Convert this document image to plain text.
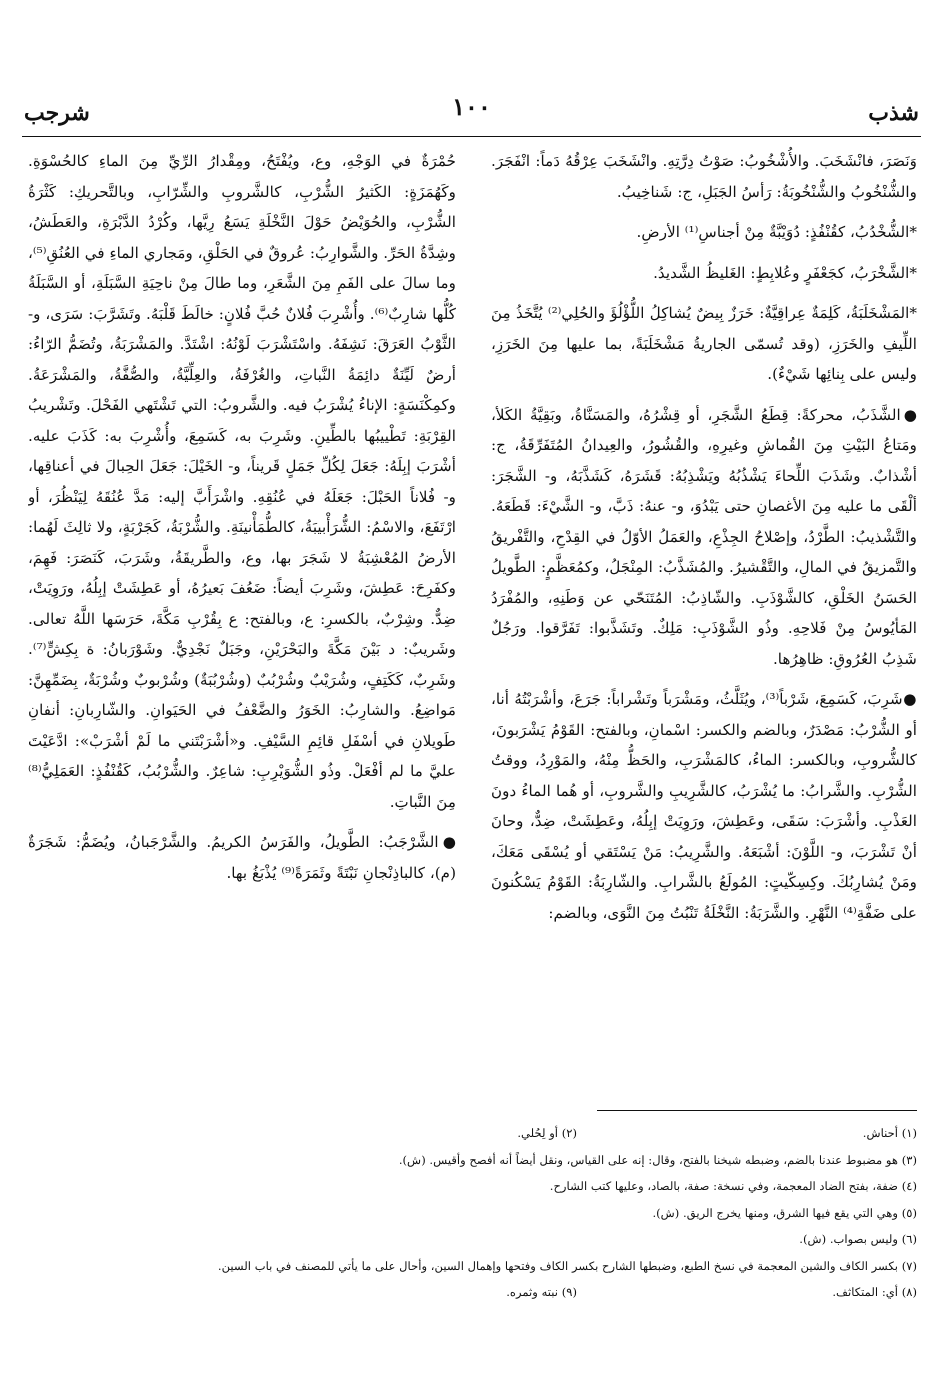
شذب
١٠٠
شرجب

وَنَصَرَ، فانْشَخَبَ. والأُشْخُوبُ: صَوْتُ دِرَّتِهِ. وانْشَخَبَ عِرْقُهُ دَماً: انْفَجَرَ. والشُّنْخُوبُ والشُّنْخُوبَةُ: رَأسُ الجَبَلِ، ج: شَناخِيبُ.

*الشُّخْدُبُ، كقُنْفُذٍ: دُوَيْبَّةٌ مِنْ أجناسِ⁽¹⁾ الأرضِ.

*الشَّخْرَبُ، كجَعْفَرٍ وعُلابِطٍ: الغَليظُ الشَّديدُ.

*المَشْخَلَبَةُ، كَلِمَةٌ عِراقِيَّةٌ: خَرَزٌ بِيضٌ يُشاكِلُ اللُّؤْلُؤَ والحُلِي⁽²⁾ يُتَّخَذُ مِنَ اللِّيفِ والخَرَزِ، (وقد تُسمّى الجاريةُ مَشْخَلَبَةً، بما عليها مِنَ الخَرَزِ، وليس على بِنائِها شَيْءٌ).

●الشَّذَبُ، محركةً: قِطَعُ الشَّجَرِ، أو قِشْرُهُ، والمَسَنَّاةُ، وبَقِيَّةُ الكَلأ، ومَتاعُ البَيْتِ مِنَ القُماشِ وغيرِهِ، والقُشُورُ، والعِيدانُ المُتَفَرِّقَةُ، ج: أشْذابٌ. وشَذَبَ اللِّحاءَ يَشْذُبُهُ ويَشْذِبُهُ: قَشَرَهُ، كَشَذَّبَهُ، و- الشَّجَرَ: ألْقَى ما عليه مِنَ الأغصانِ حتى يَبْدُوَ، و- عنهُ: ذَبَّ، و- الشَّيْءَ: قَطَعَهُ. والتَّشْذيبُ: الطَّرْدُ، وإصْلاحُ الجِذْعِ، والعَمَلُ الأوّلُ في القِدْحِ، والتَّفْريقُ والتَّمزيقُ في المالِ، والتَّقْشيرُ. والمُشَذَّبُ: المِنْجَلُ، وكمُعَظَّمٍ: الطَّويلُ الحَسَنُ الخَلْقِ، كالشَّوْذَبِ. والشّاذِبُ: المُتَنَحّي عن وَطَنِهِ، والمُفْرَدُ المَأيُوسُ مِنْ فَلاحِهِ. وذُو الشَّوْذَبِ: مَلِكٌ. وتَشَذَّبوا: تَفَرَّقوا. ورَجُلٌ شَذِبُ العُرُوقِ: ظاهِرُها.

●شَرِبَ، كَسَمِعَ، شَرْباً⁽³⁾، ويُثَلَّثُ، ومَشْرَباً وتَشْراباً: جَرَعَ، وأشْرَبْتُهُ أنا، أو الشُّرْبُ: مَصْدَرٌ، وبالضم والكسر: اسْمانِ، وبالفتح: القَوْمُ يَشْرَبونَ، كالشُّروبِ، وبالكسر: الماءُ، كالمَشْرَبِ، والحَظُّ مِنْهُ، والمَوْرِدُ، ووقتُ الشُّرْبِ. والشَّرابُ: ما يُشْرَبُ، كالشَّرِيبِ والشَّروبِ، أو هُما الماءُ دونَ العَذْبِ. وأشْرَبَ: سَقَى، وعَطِشَ، ورَوِيَتْ إبِلُهُ، وعَطِشَتْ، ضِدٌّ، وحانَ أنْ تَشْرَبَ، و- اللَّوْنَ: أشْبَعَهُ. والشَّرِيبُ: مَنْ يَسْتَقي أو يُسْقَى مَعَكَ، ومَنْ يُشارِبُكَ. وكِسِكّيتٍ: المُولَعُ بالشَّرابِ. والشّارِبَةُ: القَوْمُ يَسْكُنونَ على ضَفَّةِ⁽⁴⁾ النَّهْرِ. والشَّرَبَةُ: النَّخْلَةُ تَنْبُتُ مِنَ النَّوَى، وبالضم:

حُمْرَةٌ في الوَجْهِ، وع، ويُفْتَحُ، ومِقْدارُ الرِّيِّ مِنَ الماءِ كالحُسْوَةِ. وكَهُمَزَةٍ: الكَثيرُ الشُّرْبِ، كالشَّروبِ والشِّرّابِ، وبالتَّحريكِ: كَثْرَةُ الشُّرْبِ، والحُوَيْضُ حَوْلَ النَّخْلَةِ يَسَعُ رِيَّها، وكُرْدُ الدَّبْرَةِ، والعَطَشُ، وشِدَّةُ الحَرِّ. والشَّوارِبُ: عُروقٌ في الحَلْقِ، ومَجاري الماءِ في العُنُقِ⁽⁵⁾، وما سالَ على الفَمِ مِنَ الشَّعَرِ، وما طالَ مِنْ ناحِيَةِ السَّبَلَةِ، أو السَّبَلَةُ كُلُّها شارِبٌ⁽⁶⁾. وأُشْرِبَ فُلانٌ حُبَّ فُلانٍ: خالَطَ قَلْبَهُ. وتَشَرَّبَ: سَرَى، و- الثَّوْبُ العَرَقَ: نَشِفَهُ. واسْتَشْرَبَ لَوْنُهُ: اشْتَدَّ. والمَشْرَبَةُ، وتُضَمُّ الرّاءُ: أرضٌ لَيِّنَةٌ دائِمَةُ النَّباتِ، والغُرْفَةُ، والعِلِّيَّةُ، والصُّفَّةُ، والمَشْرَعَةُ. وكمِكْنَسَةٍ: الإناءُ يُشْرَبُ فيه. والشَّروبُ: التي تَشْتَهي الفَحْلَ. وتَشْريبُ القِرْبَةِ: تَطْييبُها بالطِّينِ. وشَرِبَ به، كَسَمِعَ، وأُشْرِبَ به: كَذَبَ عليه. أشْرَبَ إبِلَهُ: جَعَلَ لِكُلِّ جَمَلٍ قَريناً، و- الخَيْلَ: جَعَلَ الحِبالَ في أعناقِها، و- فُلاناً الحَبْلَ: جَعَلَهُ في عُنُقِهِ. واشْرَأَبَّ إليه: مَدَّ عُنُقَهُ لِيَنْظُرَ، أو ارْتَفَعَ، والاسْمُ: الشُّرَأْبيبَةُ، كالطُّمَأْنينَةِ. والشُّرْبَةُ، كَجَرْبَةٍ، ولا ثالِثَ لَهُما: الأرضُ المُعْشِبَةُ لا شَجَرَ بها، وع، والطَّريقَةُ، وشَرَبَ، كَنَصَرَ: فَهِمَ، وكفَرِحَ: عَطِشَ، وشَرِبَ أيضاً: ضَعُفَ بَعيرُهُ، أو عَطِشَتْ إبِلُهُ، ورَوِيَتْ، ضِدٌّ. وشِرْبٌ، بالكسرِ: ع، وبالفتح: ع بِقُرْبِ مَكَّةَ، حَرَسَها اللَّهُ تعالى. وشَريبٌ: د بَيْنَ مَكَّةَ والبَحْرَيْنِ، وجَبَلٌ نَجْدِيٌّ. وشَوْرَبانُ: ة بِكِشٍّ⁽⁷⁾. وشَرِبٌ، كَكَتِفٍ، وشُرَيْبٌ وشُرْبُبٌ (وشُرْبُبَةٌ) وشُرْبوبٌ وشُرْبَةٌ، بِضَمِّهِنَّ: مَواضِعُ. والشارِبُ: الخَوَرُ والضَّعْفُ في الحَيَوانِ. والشّارِبانِ: أنفانِ طَويلانِ في أسْفَلِ قائِمِ السَّيْفِ. و«أشْرَبْتَني ما لَمْ أشْرَبْ»: ادَّعَيْتَ عليَّ ما لم أفْعَلْ. وذُو الشُّوَيْرِبِ: شاعِرٌ. والشُّرْبُبُ، كَقُنْفُذٍ: العَمَلِيُّ⁽⁸⁾ مِنَ النَّباتِ.

●الشَّرْجَبُ: الطَّويلُ، والفَرَسُ الكريمُ. والشَّرْجَبانُ، ويُضَمُّ: شَجَرَةٌ (م)، كالباذِنْجانِ نَبْتَةً وثَمَرَةً⁽⁹⁾ يُذْبَغُ بها.

(١) أحناش.
(٢) أو لِحُلي.
(٣) هو مضبوط عندنا بالضم، وضبطه شيخنا بالفتح، وقال: إنه على القياس، ونقل أيضاً أنه أفصح وأقيس. (ش).
(٤) ضفة، بفتح الضاد المعجمة، وفي نسخة: صفة، بالصاد، وعليها كتب الشارح.
(٥) وهي التي يقع فيها الشرق، ومنها يخرج الريق. (ش).
(٦) وليس بصواب. (ش).
(٧) بكسر الكاف والشين المعجمة في نسخ الطبع، وضبطها الشارح بكسر الكاف وفتحها وإهمال السين، وأحال على ما يأتي للمصنف في باب السين.
(٨) أي: المتكاثف.
(٩) نبته وثمره.
